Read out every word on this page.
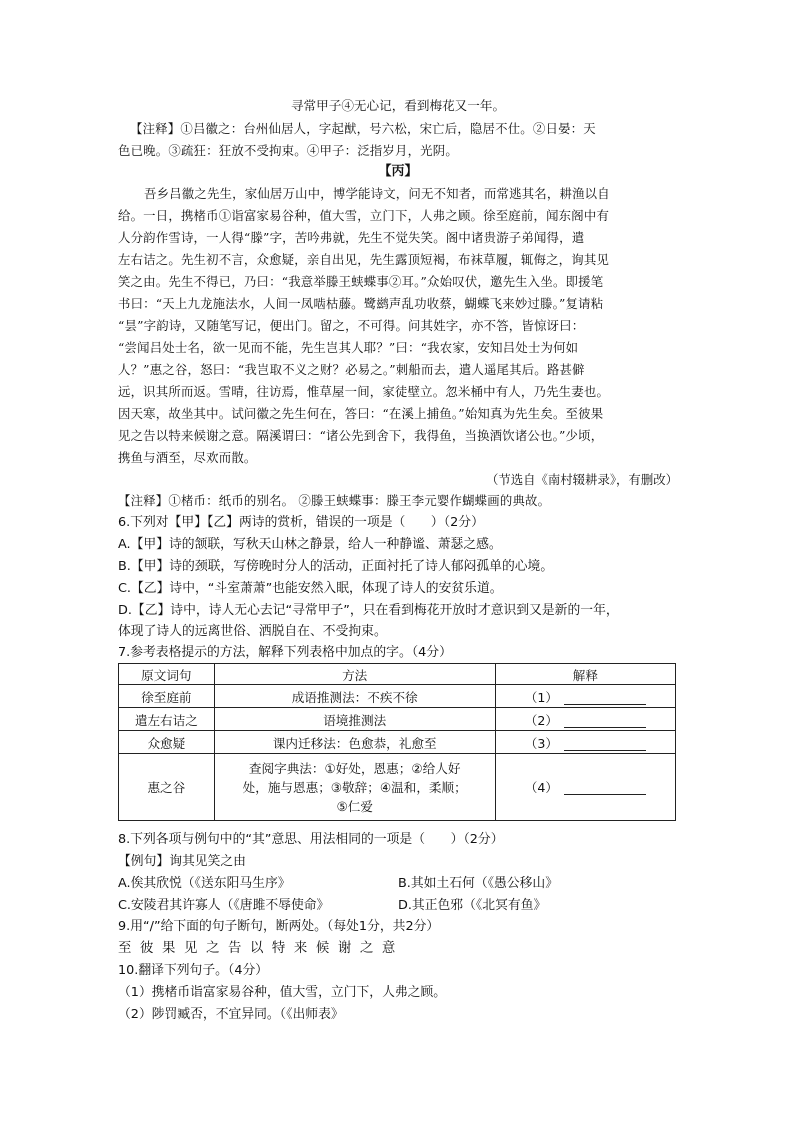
寻常甲子④无心记，看到梅花又一年。
【注释】①吕徽之：台州仙居人，字起猷，号六松，宋亡后，隐居不仕。②日晏：天
色已晚。③疏狂：狂放不受拘束。④甲子：泛指岁月，光阴。
【丙】
吾乡吕徽之先生，家仙居万山中，博学能诗文，问无不知者，而常逃其名，耕渔以自
给。一日，携楮币①诣富家易谷种，值大雪，立门下，人弗之顾。徐至庭前，闻东阁中有
人分韵作雪诗，一人得“滕”字，苦吟弗就，先生不觉失笑。阁中诸贵游子弟闻得，遣
左右诘之。先生初不言，众愈疑，亲自出见，先生露顶短褐，布袜草履，辄侮之，询其见
笑之由。先生不得已，乃曰：“我意举滕王蛱蝶事②耳。”众始叹伏，邀先生入坐。即援笔
书曰：“天上九龙施法水，人间一凤啮枯藤。鹭鹚声乱功收蔡，蝴蝶飞来妙过滕。”复请粘
“昙”字韵诗，又随笔写记，便出门。留之，不可得。问其姓字，亦不答，皆惊讶曰：
“尝闻吕处士名，欲一见而不能，先生岂其人耶？”曰：“我农家，安知吕处士为何如
人？”惠之谷，怒曰：“我岂取不义之财？必易之。”刺船而去，遣人遥尾其后。路甚僻
远，识其所而返。雪晴，往访焉，惟草屋一间，家徒壁立。忽米桶中有人，乃先生妻也。
因天寒，故坐其中。试问徽之先生何在，答曰：“在溪上捕鱼。”始知真为先生矣。至彼果
见之告以特来候谢之意。隔溪谓曰：“诸公先到舍下，我得鱼，当换酒饮诸公也。”少顷，
携鱼与酒至，尽欢而散。
（节选自《南村辍耕录》，有删改）
【注释】①楮币：纸币的别名。 ②滕王蛱蝶事：滕王李元婴作蝴蝶画的典故。
6.下列对【甲】【乙】两诗的赏析，错误的一项是（　　）（2分）
A.【甲】诗的颔联，写秋天山林之静景，给人一种静谧、萧瑟之感。
B.【甲】诗的颈联，写傍晚时分人的活动，正面衬托了诗人郁闷孤单的心境。
C.【乙】诗中，“斗室萧萧”也能安然入眠，体现了诗人的安贫乐道。
D.【乙】诗中，诗人无心去记“寻常甲子”，只在看到梅花开放时才意识到又是新的一年，
体现了诗人的远离世俗、洒脱自在、不受拘束。
7.参考表格提示的方法，解释下列表格中加点的字。（4分）
原文词句	方法	解释
徐至庭前	成语推测法：不疾不徐	（1）
遣左右诘之	语境推测法	（2）
众愈疑	课内迁移法：色愈恭，礼愈至	（3）
惠之谷	查阅字典法：①好处，恩惠；②给人好
处，施与恩惠；③敬辞；④温和，柔顺；
⑤仁爱	（4）
8.下列各项与例句中的“其”意思、用法相同的一项是（　　）（2分）
【例句】询其见笑之由
A.俟其欣悦（《送东阳马生序》	B.其如土石何（《愚公移山》
C.安陵君其许寡人（《唐雎不辱使命》	D.其正色邪（《北冥有鱼》
9.用“/”给下面的句子断句，断两处。（每处1分，共2分）
至彼果见之告以特来候谢之意
10.翻译下列句子。（4分）
（1）携楮币诣富家易谷种，值大雪，立门下，人弗之顾。
（2）陟罚臧否，不宜异同。（《出师表》
